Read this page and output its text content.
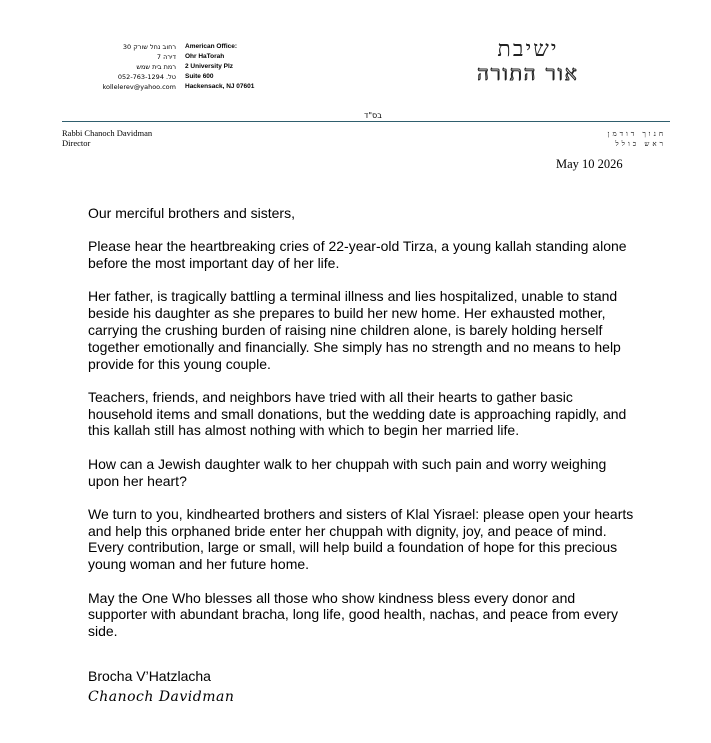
רחוב נחל שורק 30
דירה 7
רמת בית שמש
טל. 052-763-1294
kollelerev@yahoo.com
American Office:
Ohr HaTorah
2 University Plz
Suite 600
Hackensack, NJ 07601
ישיבת
אור התורה
בס"ד
Rabbi Chanoch Davidman
Director
חנוך דודמן
ראש כולל
May 10 2026

Our merciful brothers and sisters,

Please hear the heartbreaking cries of 22-year-old Tirza, a young kallah standing alone before the most important day of her life.

Her father, is tragically battling a terminal illness and lies hospitalized, unable to stand beside his daughter as she prepares to build her new home. Her exhausted mother, carrying the crushing burden of raising nine children alone, is barely holding herself together emotionally and financially. She simply has no strength and no means to help provide for this young couple.

Teachers, friends, and neighbors have tried with all their hearts to gather basic household items and small donations, but the wedding date is approaching rapidly, and this kallah still has almost nothing with which to begin her married life.

How can a Jewish daughter walk to her chuppah with such pain and worry weighing upon her heart?

We turn to you, kindhearted brothers and sisters of Klal Yisrael: please open your hearts and help this orphaned bride enter her chuppah with dignity, joy, and peace of mind. Every contribution, large or small, will help build a foundation of hope for this precious young woman and her future home.

May the One Who blesses all those who show kindness bless every donor and supporter with abundant bracha, long life, good health, nachas, and peace from every side.

Brocha V’Hatzlacha
Chanoch Davidman
